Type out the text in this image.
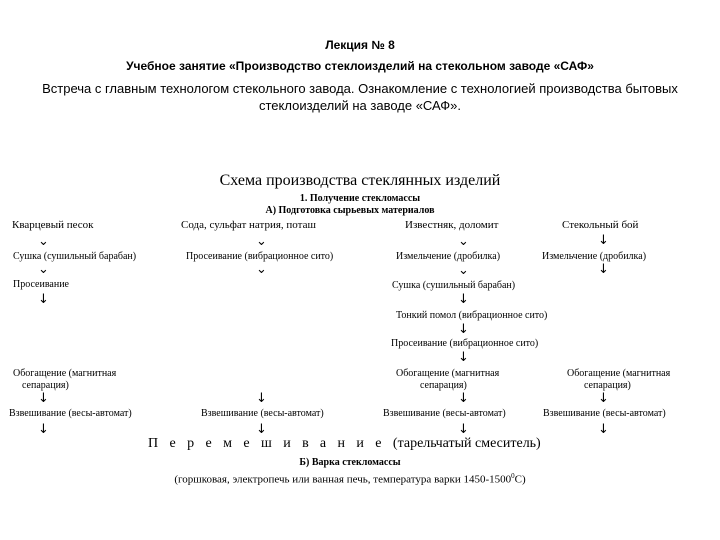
Лекция № 8
Учебное занятие «Производство стеклоизделий на стекольном заводе «САФ»
Встреча с главным технологом стекольного завода. Ознакомление с технологией производства бытовых стеклоизделий на заводе «САФ».
Схема производства стеклянных изделий
1. Получение стекломассы
А) Подготовка сырьевых материалов
Кварцевый песок	Сода, сульфат натрия, поташ	Известняк, доломит	Стекольный бой
⌄
Сушка (сушильный барабан)
⌄
Просеивание
↓
Обогащение (магнитная
сепарация)
↓
Взвешивание (весы-автомат)
↓
⌄
Просеивание (вибрационное сито)
⌄
↓
Взвешивание (весы-автомат)
↓
⌄
Измельчение (дробилка)
⌄
Сушка (сушильный барабан)
↓
Тонкий помол (вибрационное сито)
↓
Просеивание (вибрационное сито)
↓
Обогащение (магнитная
сепарация)
↓
Взвешивание (весы-автомат)
↓
↓
Измельчение (дробилка)
↓
Обогащение (магнитная
сепарация)
↓
Взвешивание (весы-автомат)
↓
Перемешивание(тарельчатый смеситель)
Б) Варка стекломассы
(горшковая, электропечь или ванная печь, температура варки 1450-1500$^0$С)
